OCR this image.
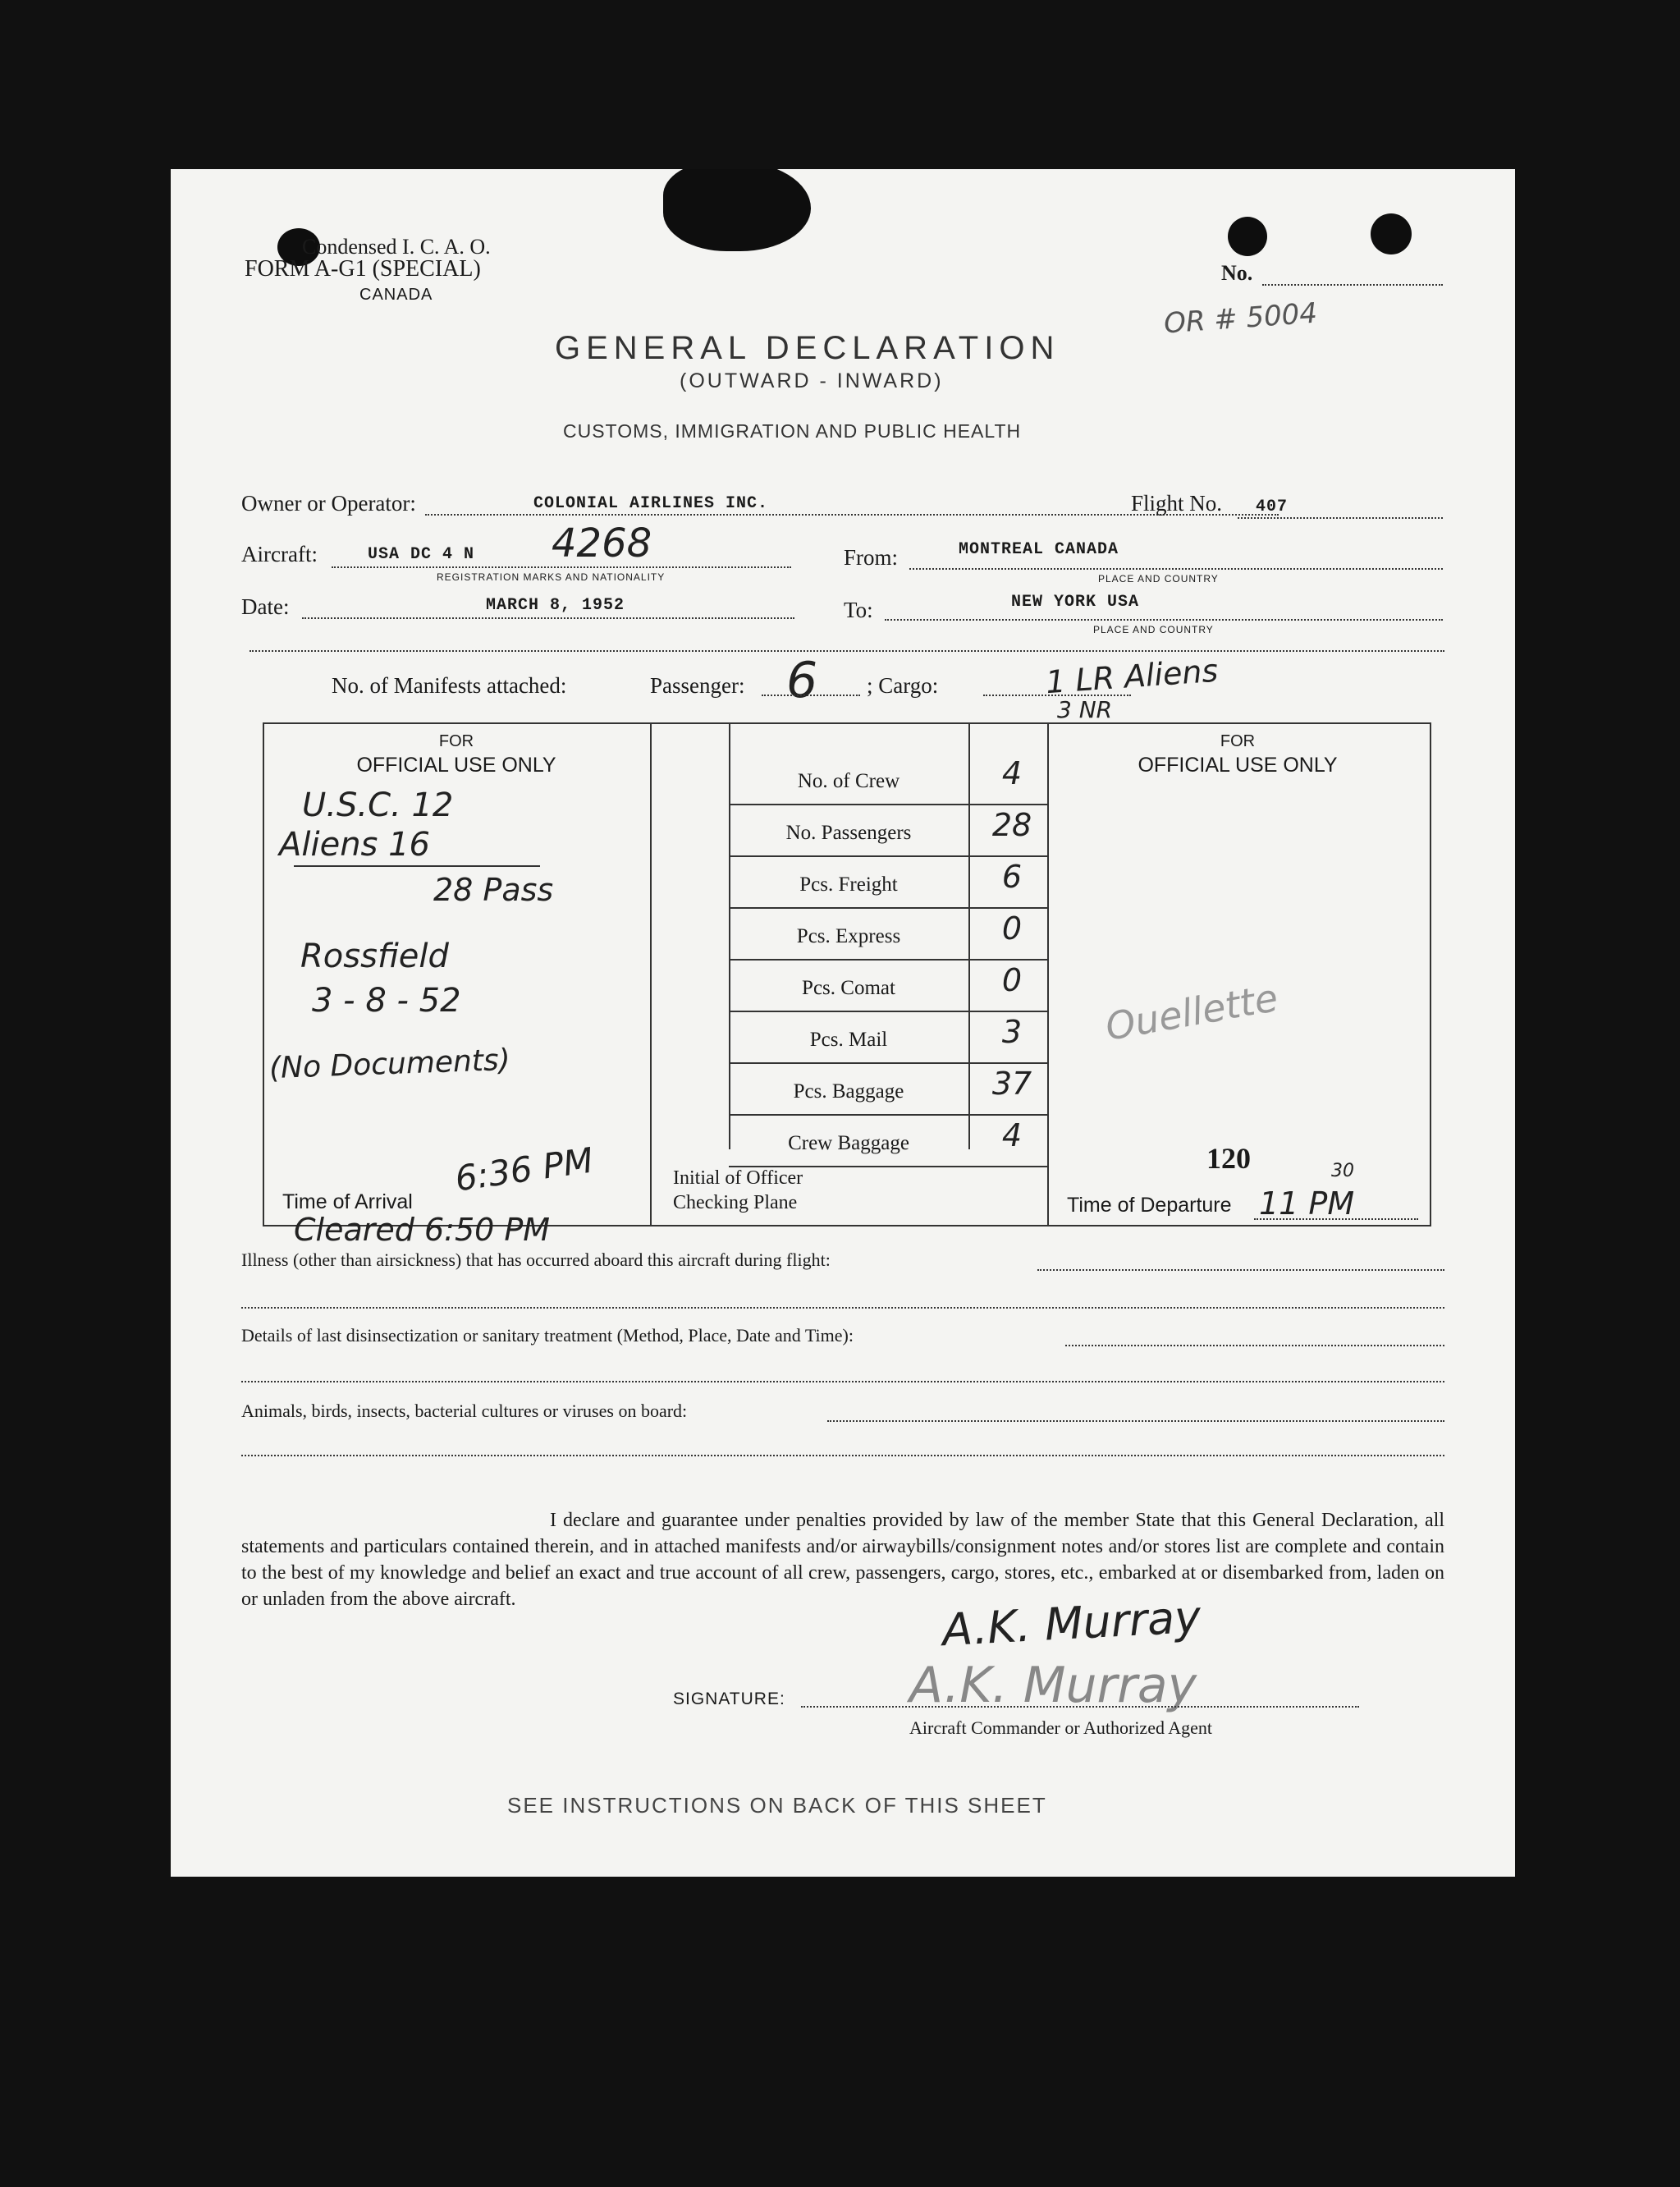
Condensed I. C. A. O.
FORM A-G1 (SPECIAL)
CANADA
No.
OR # 5004
GENERAL DECLARATION
(OUTWARD - INWARD)
CUSTOMS, IMMIGRATION AND PUBLIC HEALTH
Owner or Operator:	COLONIAL AIRLINES INC.	Flight No. 407
Aircraft:	USA DC 4 N 4268
REGISTRATION MARKS AND NATIONALITY
From:	MONTREAL CANADA
PLACE AND COUNTRY
Date:	MARCH 8, 1952	To:	NEW YORK USA
PLACE AND COUNTRY
No. of Manifests attached:	Passenger: 6 ; Cargo:	1 LR Aliens
3 NR
FOR
OFFICIAL USE ONLY
U.S.C. 12
Aliens 16
28 Pass
Rossfield
3 - 8 - 52
(No Documents)
Time of Arrival
6:36 PM
Cleared 6:50 PM
No. of Crew	4
No. Passengers	28
Pcs. Freight	6
Pcs. Express	0
Pcs. Comat	0
Pcs. Mail	3
Pcs. Baggage	37
Crew Baggage	4
Initial of Officer
Checking Plane
FOR
OFFICIAL USE ONLY
Ouellette
120
Time of Departure 11 PM
30
Illness (other than airsickness) that has occurred aboard this aircraft during flight:
Details of last disinsectization or sanitary treatment (Method, Place, Date and Time):
Animals, birds, insects, bacterial cultures or viruses on board:
I declare and guarantee under penalties provided by law of the member State that this General Declaration, all statements and particulars contained therein, and in attached manifests and/or airwaybills/consignment notes and/or stores list are complete and contain to the best of my knowledge and belief an exact and true account of all crew, passengers, cargo, stores, etc., embarked at or disembarked from, laden on or unladen from the above aircraft.	A.K. Murray
A.K. Murray
SIGNATURE:
Aircraft Commander or Authorized Agent
SEE INSTRUCTIONS ON BACK OF THIS SHEET
